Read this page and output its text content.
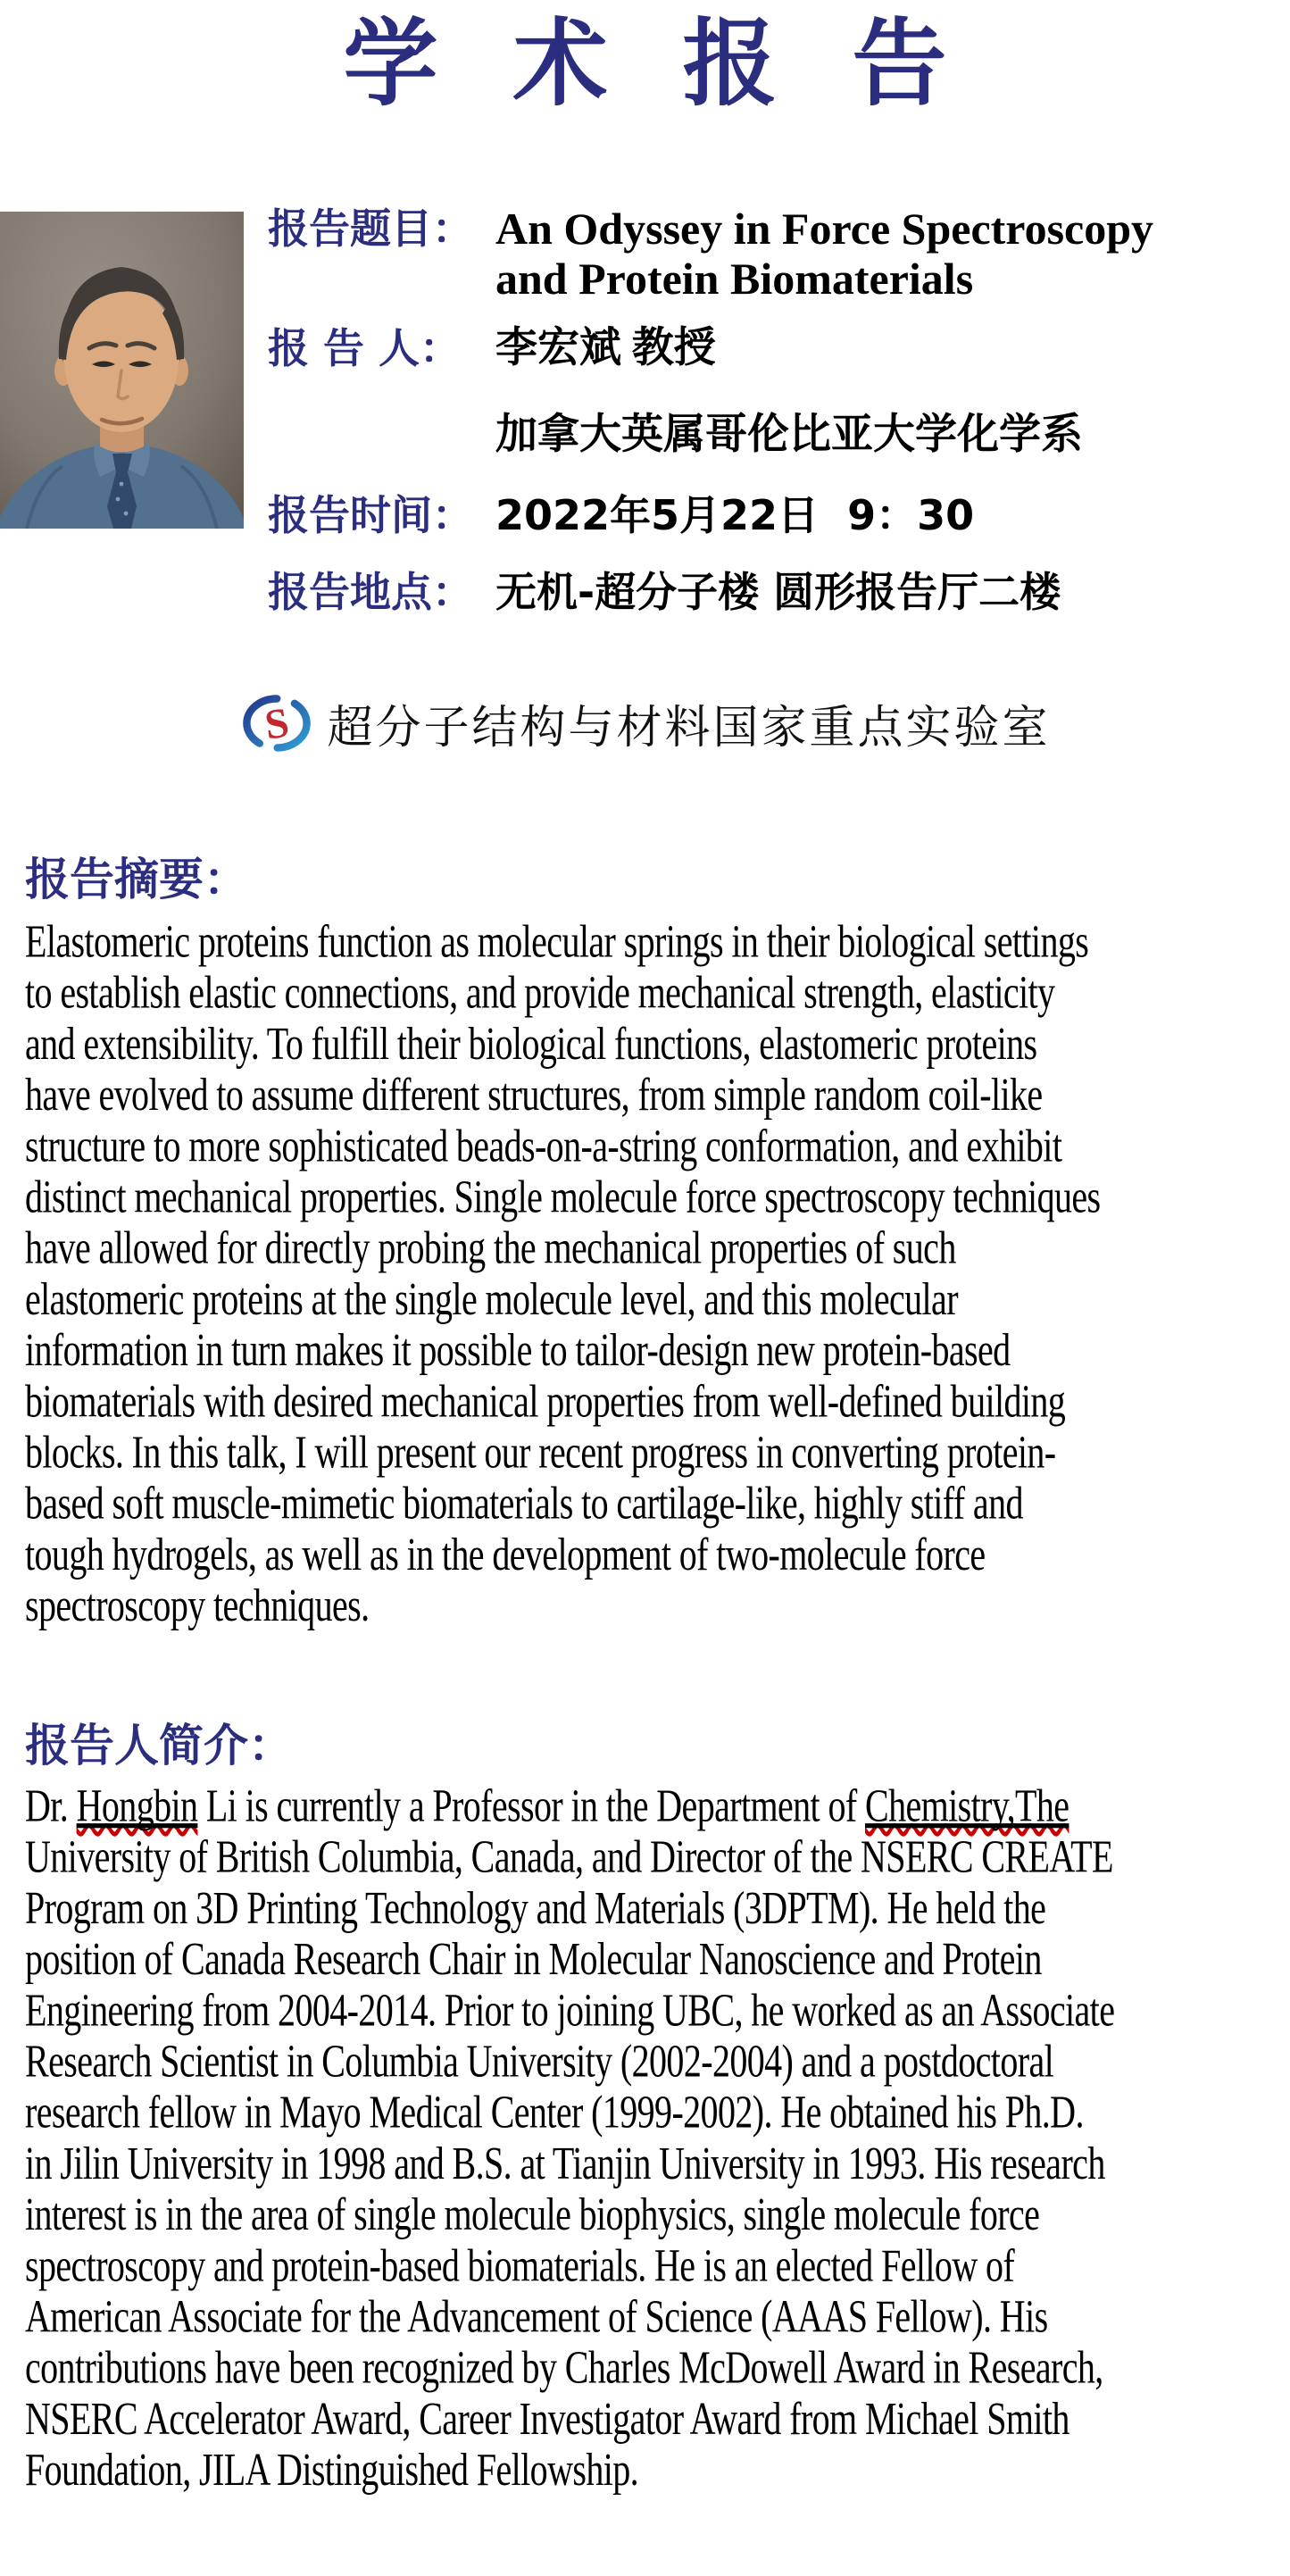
学术报告
报告题目： An Odyssey in Force Spectroscopy
and Protein Biomaterials
报 告 人： 李宏斌 教授
加拿大英属哥伦比亚大学化学系
报告时间： 2022年5月22日  9：30
报告地点： 无机-超分子楼 圆形报告厅二楼
S 超分子结构与材料国家重点实验室
报告摘要：
Elastomeric proteins function as molecular springs in their biological settings
to establish elastic connections, and provide mechanical strength, elasticity
and extensibility. To fulfill their biological functions, elastomeric proteins
have evolved to assume different structures, from simple random coil-like
structure to more sophisticated beads-on-a-string conformation, and exhibit
distinct mechanical properties. Single molecule force spectroscopy techniques
have allowed for directly probing the mechanical properties of such
elastomeric proteins at the single molecule level, and this molecular
information in turn makes it possible to tailor-design new protein-based
biomaterials with desired mechanical properties from well-defined building
blocks. In this talk, I will present our recent progress in converting protein-
based soft muscle-mimetic biomaterials to cartilage-like, highly stiff and
tough hydrogels, as well as in the development of two-molecule force
spectroscopy techniques.
报告人简介：
Dr. Hongbin Li is currently a Professor in the Department of Chemistry,The
University of British Columbia, Canada, and Director of the NSERC CREATE
Program on 3D Printing Technology and Materials (3DPTM). He held the
position of Canada Research Chair in Molecular Nanoscience and Protein
Engineering from 2004-2014. Prior to joining UBC, he worked as an Associate
Research Scientist in Columbia University (2002-2004) and a postdoctoral
research fellow in Mayo Medical Center (1999-2002). He obtained his Ph.D.
in Jilin University in 1998 and B.S. at Tianjin University in 1993. His research
interest is in the area of single molecule biophysics, single molecule force
spectroscopy and protein-based biomaterials. He is an elected Fellow of
American Associate for the Advancement of Science (AAAS Fellow). His
contributions have been recognized by Charles McDowell Award in Research,
NSERC Accelerator Award, Career Investigator Award from Michael Smith
Foundation, JILA Distinguished Fellowship.
